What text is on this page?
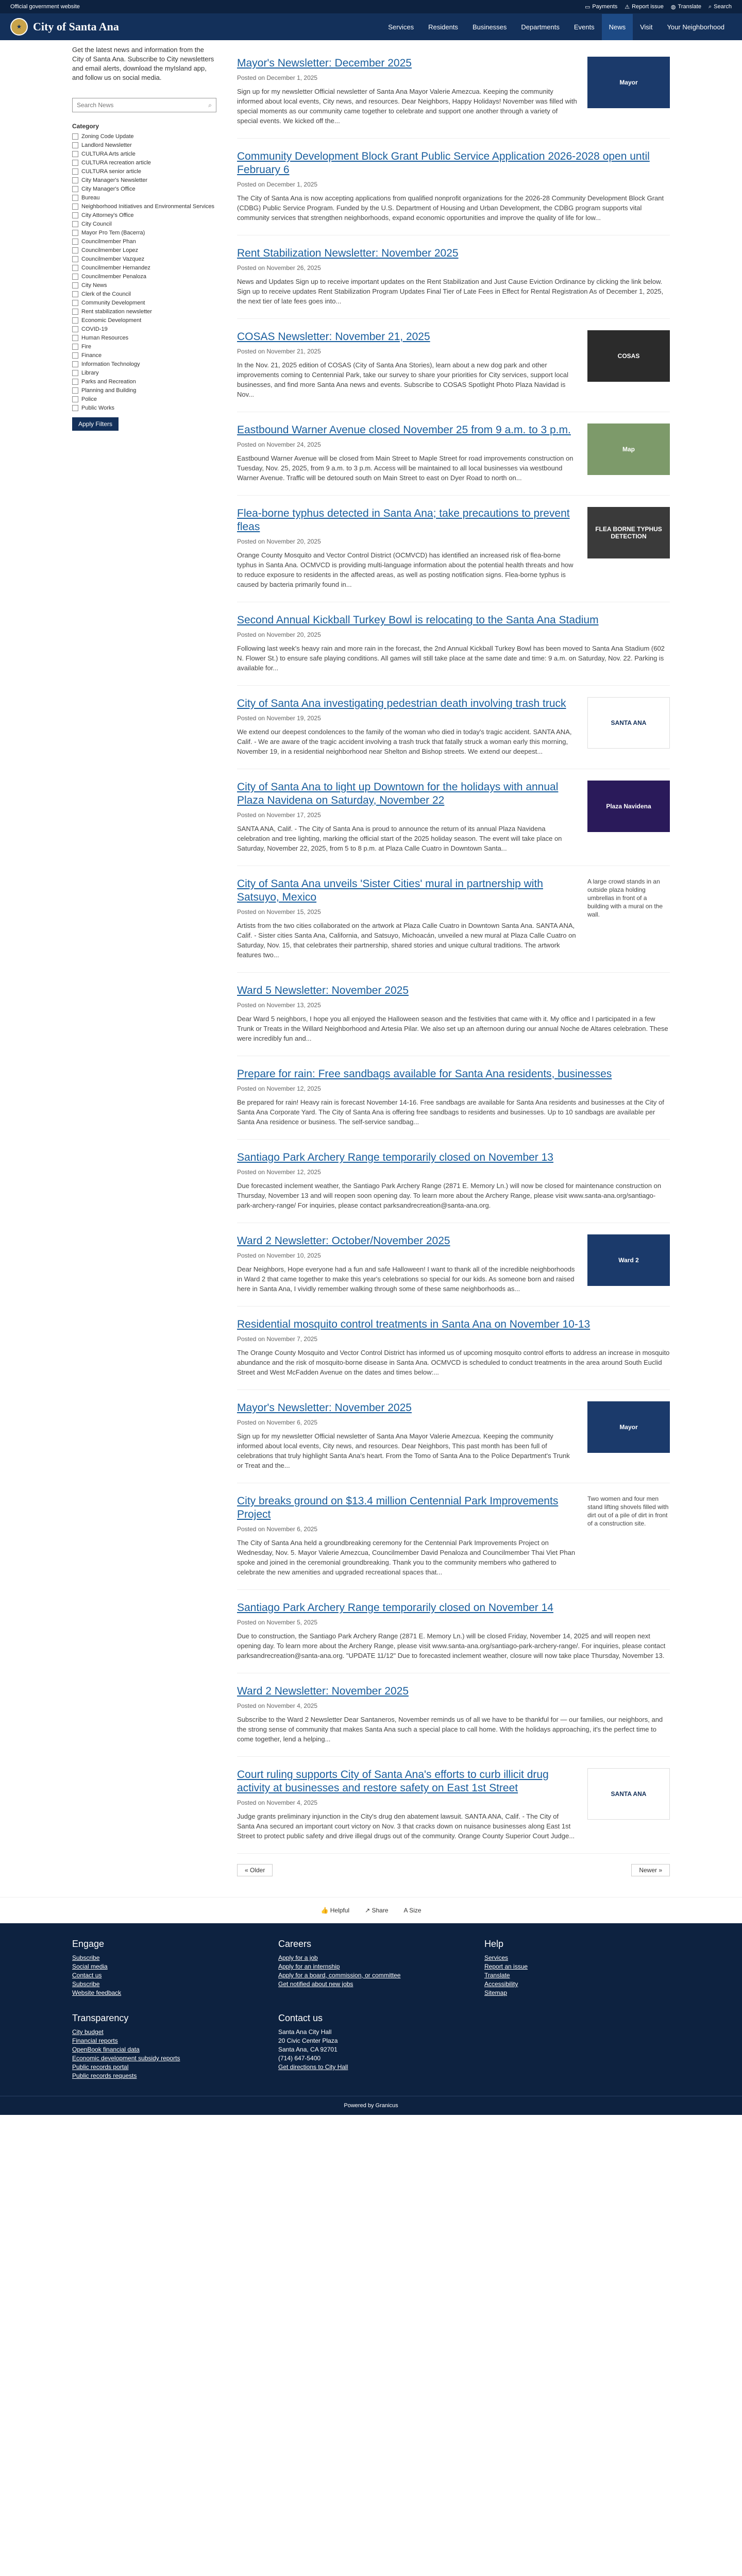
Official government website	▭ Payments ⚠ Report issue ◍ Translate ⌕ Search
★	City of Santa Ana	Services	Residents	Businesses	Departments	Events	News	Visit	Your Neighborhood

Get the latest news and information from the City of Santa Ana. Subscribe to City newsletters and email alerts, download the myIsland app, and follow us on social media.

Search News	⌕
Category
Zoning Code Update
Landlord Newsletter
CULTURA Arts article
CULTURA recreation article
CULTURA senior article
City Manager's Newsletter
City Manager's Office
Bureau
Neighborhood Initiatives and Environmental Services
City Attorney's Office
City Council
Mayor Pro Tem (Bacerra)
Councilmember Phan
Councilmember Lopez
Councilmember Vazquez
Councilmember Hernandez
Councilmember Penaloza
City News
Clerk of the Council
Community Development
Rent stabilization newsletter
Economic Development
COVID-19
Human Resources
Fire
Finance
Information Technology
Library
Parks and Recreation
Planning and Building
Police
Public Works
Apply Filters
Mayor's Newsletter: December 2025
Posted on December 1, 2025
Sign up for my newsletter Official newsletter of Santa Ana Mayor Valerie Amezcua. Keeping the community informed about local events, City news, and resources. Dear Neighbors, Happy Holidays! November was filled with special moments as our community came together to celebrate and support one another through a variety of special events. We kicked off the...
Mayor
Community Development Block Grant Public Service Application 2026-2028 open until February 6
Posted on December 1, 2025
The City of Santa Ana is now accepting applications from qualified nonprofit organizations for the 2026-28 Community Development Block Grant (CDBG) Public Service Program. Funded by the U.S. Department of Housing and Urban Development, the CDBG program supports vital community services that strengthen neighborhoods, expand economic opportunities and improve the quality of life for low...
Rent Stabilization Newsletter: November 2025
Posted on November 26, 2025
News and Updates Sign up to receive important updates on the Rent Stabilization and Just Cause Eviction Ordinance by clicking the link below. Sign up to receive updates Rent Stabilization Program Updates Final Tier of Late Fees in Effect for Rental Registration As of December 1, 2025, the next tier of late fees goes into...
COSAS Newsletter: November 21, 2025
Posted on November 21, 2025
In the Nov. 21, 2025 edition of COSAS (City of Santa Ana Stories), learn about a new dog park and other improvements coming to Centennial Park, take our survey to share your priorities for City services, support local businesses, and find more Santa Ana news and events. Subscribe to COSAS Spotlight Photo Plaza Navidad is Nov...
COSAS
Eastbound Warner Avenue closed November 25 from 9 a.m. to 3 p.m.
Posted on November 24, 2025
Eastbound Warner Avenue will be closed from Main Street to Maple Street for road improvements construction on Tuesday, Nov. 25, 2025, from 9 a.m. to 3 p.m. Access will be maintained to all local businesses via westbound Warner Avenue. Traffic will be detoured south on Main Street to east on Dyer Road to north on...
Map
Flea-borne typhus detected in Santa Ana; take precautions to prevent fleas
Posted on November 20, 2025
Orange County Mosquito and Vector Control District (OCMVCD) has identified an increased risk of flea-borne typhus in Santa Ana. OCMVCD is providing multi-language information about the potential health threats and how to reduce exposure to residents in the affected areas, as well as posting notification signs. Flea-borne typhus is caused by bacteria primarily found in...
FLEA BORNE TYPHUS DETECTION
Second Annual Kickball Turkey Bowl is relocating to the Santa Ana Stadium
Posted on November 20, 2025
Following last week's heavy rain and more rain in the forecast, the 2nd Annual Kickball Turkey Bowl has been moved to Santa Ana Stadium (602 N. Flower St.) to ensure safe playing conditions. All games will still take place at the same date and time: 9 a.m. on Saturday, Nov. 22. Parking is available for...
City of Santa Ana investigating pedestrian death involving trash truck
Posted on November 19, 2025
We extend our deepest condolences to the family of the woman who died in today's tragic accident. SANTA ANA, Calif. - We are aware of the tragic accident involving a trash truck that fatally struck a woman early this morning, November 19, in a residential neighborhood near Shelton and Bishop streets. We extend our deepest...
SANTA ANA
City of Santa Ana to light up Downtown for the holidays with annual Plaza Navidena on Saturday, November 22
Posted on November 17, 2025
SANTA ANA, Calif. - The City of Santa Ana is proud to announce the return of its annual Plaza Navidena celebration and tree lighting, marking the official start of the 2025 holiday season. The event will take place on Saturday, November 22, 2025, from 5 to 8 p.m. at Plaza Calle Cuatro in Downtown Santa...
Plaza Navidena
City of Santa Ana unveils 'Sister Cities' mural in partnership with Satsuyo, Mexico
Posted on November 15, 2025
Artists from the two cities collaborated on the artwork at Plaza Calle Cuatro in Downtown Santa Ana. SANTA ANA, Calif. - Sister cities Santa Ana, California, and Satsuyo, Michoacán, unveiled a new mural at Plaza Calle Cuatro on Saturday, Nov. 15, that celebrates their partnership, shared stories and unique cultural traditions. The artwork features two...
A large crowd stands in an outside plaza holding umbrellas in front of a building with a mural on the wall.
Ward 5 Newsletter: November 2025
Posted on November 13, 2025
Dear Ward 5 neighbors, I hope you all enjoyed the Halloween season and the festivities that came with it. My office and I participated in a few Trunk or Treats in the Willard Neighborhood and Artesia Pilar. We also set up an afternoon during our annual Noche de Altares celebration. These were incredibly fun and...
Prepare for rain: Free sandbags available for Santa Ana residents, businesses
Posted on November 12, 2025
Be prepared for rain! Heavy rain is forecast November 14-16. Free sandbags are available for Santa Ana residents and businesses at the City of Santa Ana Corporate Yard. The City of Santa Ana is offering free sandbags to residents and businesses. Up to 10 sandbags are available per Santa Ana residence or business. The self-service sandbag...
Santiago Park Archery Range temporarily closed on November 13
Posted on November 12, 2025
Due forecasted inclement weather, the Santiago Park Archery Range (2871 E. Memory Ln.) will now be closed for maintenance construction on Thursday, November 13 and will reopen soon opening day. To learn more about the Archery Range, please visit www.santa-ana.org/santiago-park-archery-range/ For inquiries, please contact parksandrecreation@santa-ana.org.
Ward 2 Newsletter: October/November 2025
Posted on November 10, 2025
Dear Neighbors, Hope everyone had a fun and safe Halloween! I want to thank all of the incredible neighborhoods in Ward 2 that came together to make this year's celebrations so special for our kids. As someone born and raised here in Santa Ana, I vividly remember walking through some of these same neighborhoods as...
Ward 2
Residential mosquito control treatments in Santa Ana on November 10-13
Posted on November 7, 2025
The Orange County Mosquito and Vector Control District has informed us of upcoming mosquito control efforts to address an increase in mosquito abundance and the risk of mosquito-borne disease in Santa Ana. OCMVCD is scheduled to conduct treatments in the area around South Euclid Street and West McFadden Avenue on the dates and times below:...
Mayor's Newsletter: November 2025
Posted on November 6, 2025
Sign up for my newsletter Official newsletter of Santa Ana Mayor Valerie Amezcua. Keeping the community informed about local events, City news, and resources. Dear Neighbors, This past month has been full of celebrations that truly highlight Santa Ana's heart. From the Tomo of Santa Ana to the Police Department's Trunk or Treat and the...
Mayor
City breaks ground on $13.4 million Centennial Park Improvements Project
Posted on November 6, 2025
The City of Santa Ana held a groundbreaking ceremony for the Centennial Park Improvements Project on Wednesday, Nov. 5. Mayor Valerie Amezcua, Councilmember David Penaloza and Councilmember Thai Viet Phan spoke and joined in the ceremonial groundbreaking. Thank you to the community members who gathered to celebrate the new amenities and upgraded recreational spaces that...
Two women and four men stand lifting shovels filled with dirt out of a pile of dirt in front of a construction site.
Santiago Park Archery Range temporarily closed on November 14
Posted on November 5, 2025
Due to construction, the Santiago Park Archery Range (2871 E. Memory Ln.) will be closed Friday, November 14, 2025 and will reopen next opening day. To learn more about the Archery Range, please visit www.santa-ana.org/santiago-park-archery-range/. For inquiries, please contact parksandrecreation@santa-ana.org. "UPDATE 11/12" Due to forecasted inclement weather, closure will now take place Thursday, November 13.
Ward 2 Newsletter: November 2025
Posted on November 4, 2025
Subscribe to the Ward 2 Newsletter Dear Santaneros, November reminds us of all we have to be thankful for — our families, our neighbors, and the strong sense of community that makes Santa Ana such a special place to call home. With the holidays approaching, it's the perfect time to come together, lend a helping...
Court ruling supports City of Santa Ana's efforts to curb illicit drug activity at businesses and restore safety on East 1st Street
Posted on November 4, 2025
Judge grants preliminary injunction in the City's drug den abatement lawsuit. SANTA ANA, Calif. - The City of Santa Ana secured an important court victory on Nov. 3 that cracks down on nuisance businesses along East 1st Street to protect public safety and drive illegal drugs out of the community. Orange County Superior Court Judge...
SANTA ANA
« Older	Newer »
👍 Helpful	↗ Share	A Size
Engage
Subscribe
Social media
Contact us
Subscribe
Website feedback
Careers
Apply for a job
Apply for an internship
Apply for a board, commission, or committee
Get notified about new jobs
Help
Services
Report an issue
Translate
Accessibility
Sitemap
Transparency
City budget
Financial reports
OpenBook financial data
Economic development subsidy reports
Public records portal
Public records requests
Contact us
Santa Ana City Hall
20 Civic Center Plaza
Santa Ana, CA 92701
(714) 647-5400
Get directions to City Hall
Powered by Granicus
